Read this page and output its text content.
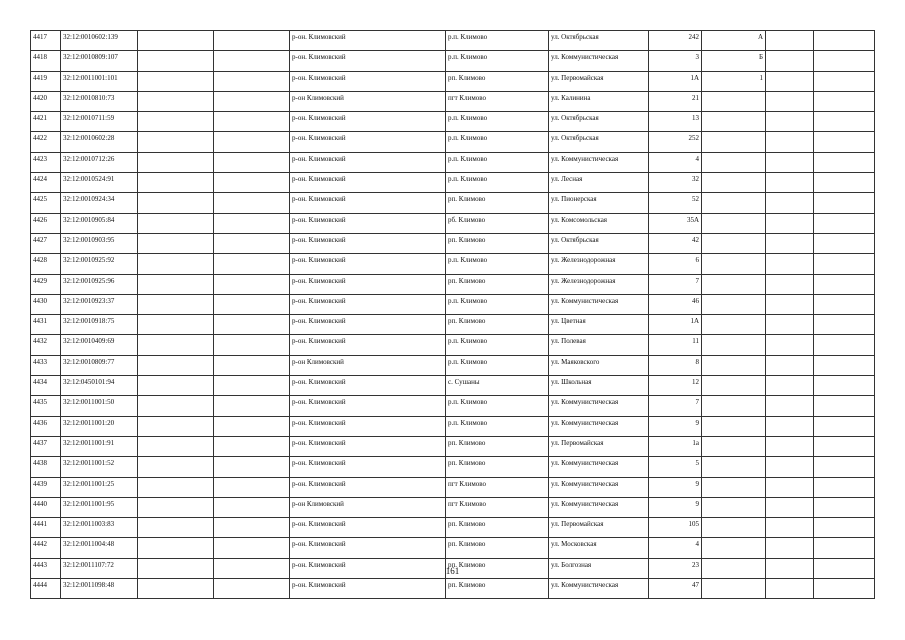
4417	32:12:0010602:139			р-он. Климовский	р.п. Климово	ул. Октябрьская	242	А		
4418	32:12:0010809:107			р-он. Климовский	р.п. Климово	ул. Коммунистическая	3	Б		
4419	32:12:0011001:101			р-он. Климовский	рп. Климово	ул. Первомайская	1А	1		
4420	32:12:0010810:73			р-он Климовский	пгт Климово	ул. Калинина	21			
4421	32:12:0010711:59			р-он. Климовский	р.п. Климово	ул. Октябрьская	13			
4422	32:12:0010602:28			р-он. Климовский	р.п. Климово	ул. Октябрьская	252			
4423	32:12:0010712:26			р-он. Климовский	р.п. Климово	ул. Коммунистическая	4			
4424	32:12:0010524:91			р-он. Климовский	р.п. Климово	ул. Лесная	32			
4425	32:12:0010924:34			р-он. Климовский	рп. Климово	ул. Пионерская	52			
4426	32:12:0010905:84			р-он. Климовский	рб. Климово	ул. Комсомольская	35А			
4427	32:12:0010903:95			р-он. Климовский	рп. Климово	ул. Октябрьская	42			
4428	32:12:0010925:92			р-он. Климовский	р.п. Климово	ул. Железнодорожная	6			
4429	32:12:0010925:96			р-он. Климовский	рп. Климово	ул. Железнодорожная	7			
4430	32:12:0010923:37			р-он. Климовский	р.п. Климово	ул. Коммунистическая	46			
4431	32:12:0010918:75			р-он. Климовский	рп. Климово	ул. Цветная	1А			
4432	32:12:0010409:69			р-он. Климовский	р.п. Климово	ул. Полевая	11			
4433	32:12:0010809:77			р-он Климовский	р.п. Климово	ул. Маяковского	8			
4434	32:12:0450101:94			р-он. Климовский	с. Сушаны	ул. Школьная	12			
4435	32:12:0011001:50			р-он. Климовский	р.п. Климово	ул. Коммунистическая	7			
4436	32:12:0011001:20			р-он. Климовский	р.п. Климово	ул. Коммунистическая	9			
4437	32:12:0011001:91			р-он. Климовский	рп. Климово	ул. Первомайская	1а			
4438	32:12:0011001:52			р-он. Климовский	рп. Климово	ул. Коммунистическая	5			
4439	32:12:0011001:25			р-он. Климовский	пгт Климово	ул. Коммунистическая	9			
4440	32:12:0011001:95			р-он Климовский	пгт Климово	ул. Коммунистическая	9			
4441	32:12:0011003:83			р-он. Климовский	рп. Климово	ул. Первомайская	105			
4442	32:12:0011004:48			р-он. Климовский	рп. Климово	ул. Московская	4			
4443	32:12:0011107:72			р-он. Климовский	рп. Климово	ул. Болгозная	23			
4444	32:12:0011098:48			р-он. Климовский	рп. Климово	ул. Коммунистическая	47			
161
